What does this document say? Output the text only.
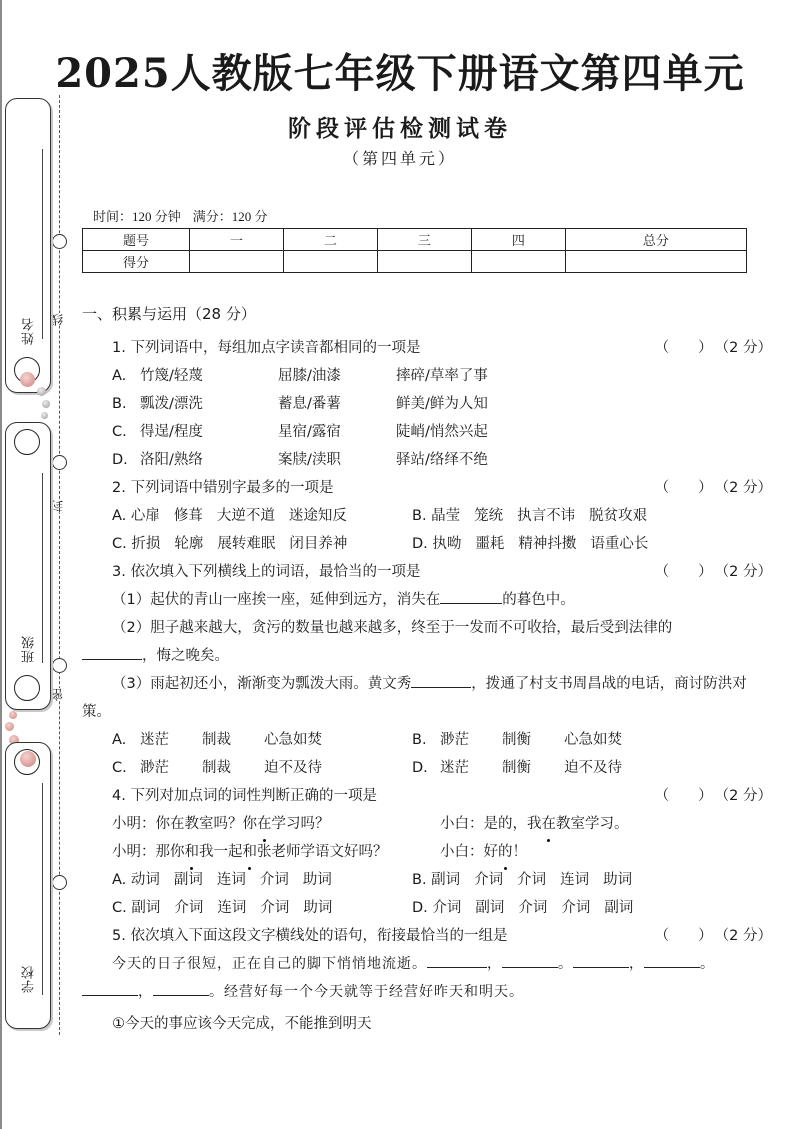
线
封
密
姓名
班级
学校
2025人教版七年级下册语文第四单元
阶段评估检测试卷
（第四单元）
时间：120 分钟 满分：120 分
题号	一	二	三	四	总分
得分					
一、积累与运用（28 分）
1. 下列词语中，每组加点字读音都相同的一项是	（　　） （2 分）
A. 竹篾/轻蔑	屈膝/油漆	摔碎/草率了事
B. 瓢泼/漂洗	蓄息/番薯	鲜美/鲜为人知
C. 得逞/程度	星宿/露宿	陡峭/悄然兴起
D. 洛阳/熟络	案牍/渎职	驿站/络绎不绝
2. 下列词语中错别字最多的一项是	（　　） （2 分）
A. 心扉 修葺 大逆不道 迷途知反	B. 晶莹 笼统 执言不讳 脱贫攻艰
C. 折损 轮廓 展转难眠 闭目养神	D. 执呦 噩耗 精神抖擞 语重心长
3. 依次填入下列横线上的词语，最恰当的一项是	（　　） （2 分）
（1）起伏的青山一座挨一座，延伸到远方，消失在	的暮色中。
（2）胆子越来越大，贪污的数量也越来越多，终至于一发而不可收拾，最后受到法律的
，悔之晚矣。
（3）雨起初还小，渐渐变为瓢泼大雨。黄文秀	，拨通了村支书周昌战的电话，商讨防洪对策。
A. 迷茫 制裁 心急如焚	B. 渺茫 制衡 心急如焚
C. 渺茫 制裁 迫不及待	D. 迷茫 制衡 迫不及待
4. 下列对加点词的词性判断正确的一项是	（　　） （2 分）
小明：你在教室吗？你在学习吗？	小白：是的，我在教室学习。
小明：那你和我一起和张老师学语文好吗？	小白：好的！
A. 动词 副词 连词 介词 助词	B. 副词 介词 介词 连词 助词
C. 副词 介词 连词 介词 助词	D. 介词 副词 介词 介词 副词
5. 依次填入下面这段文字横线处的语句，衔接最恰当的一组是	（　　） （2 分）
今天的日子很短，正在自己的脚下悄悄地流逝。	，	。	，	。
，	。经营好每一个今天就等于经营好昨天和明天。
①今天的事应该今天完成，不能推到明天
